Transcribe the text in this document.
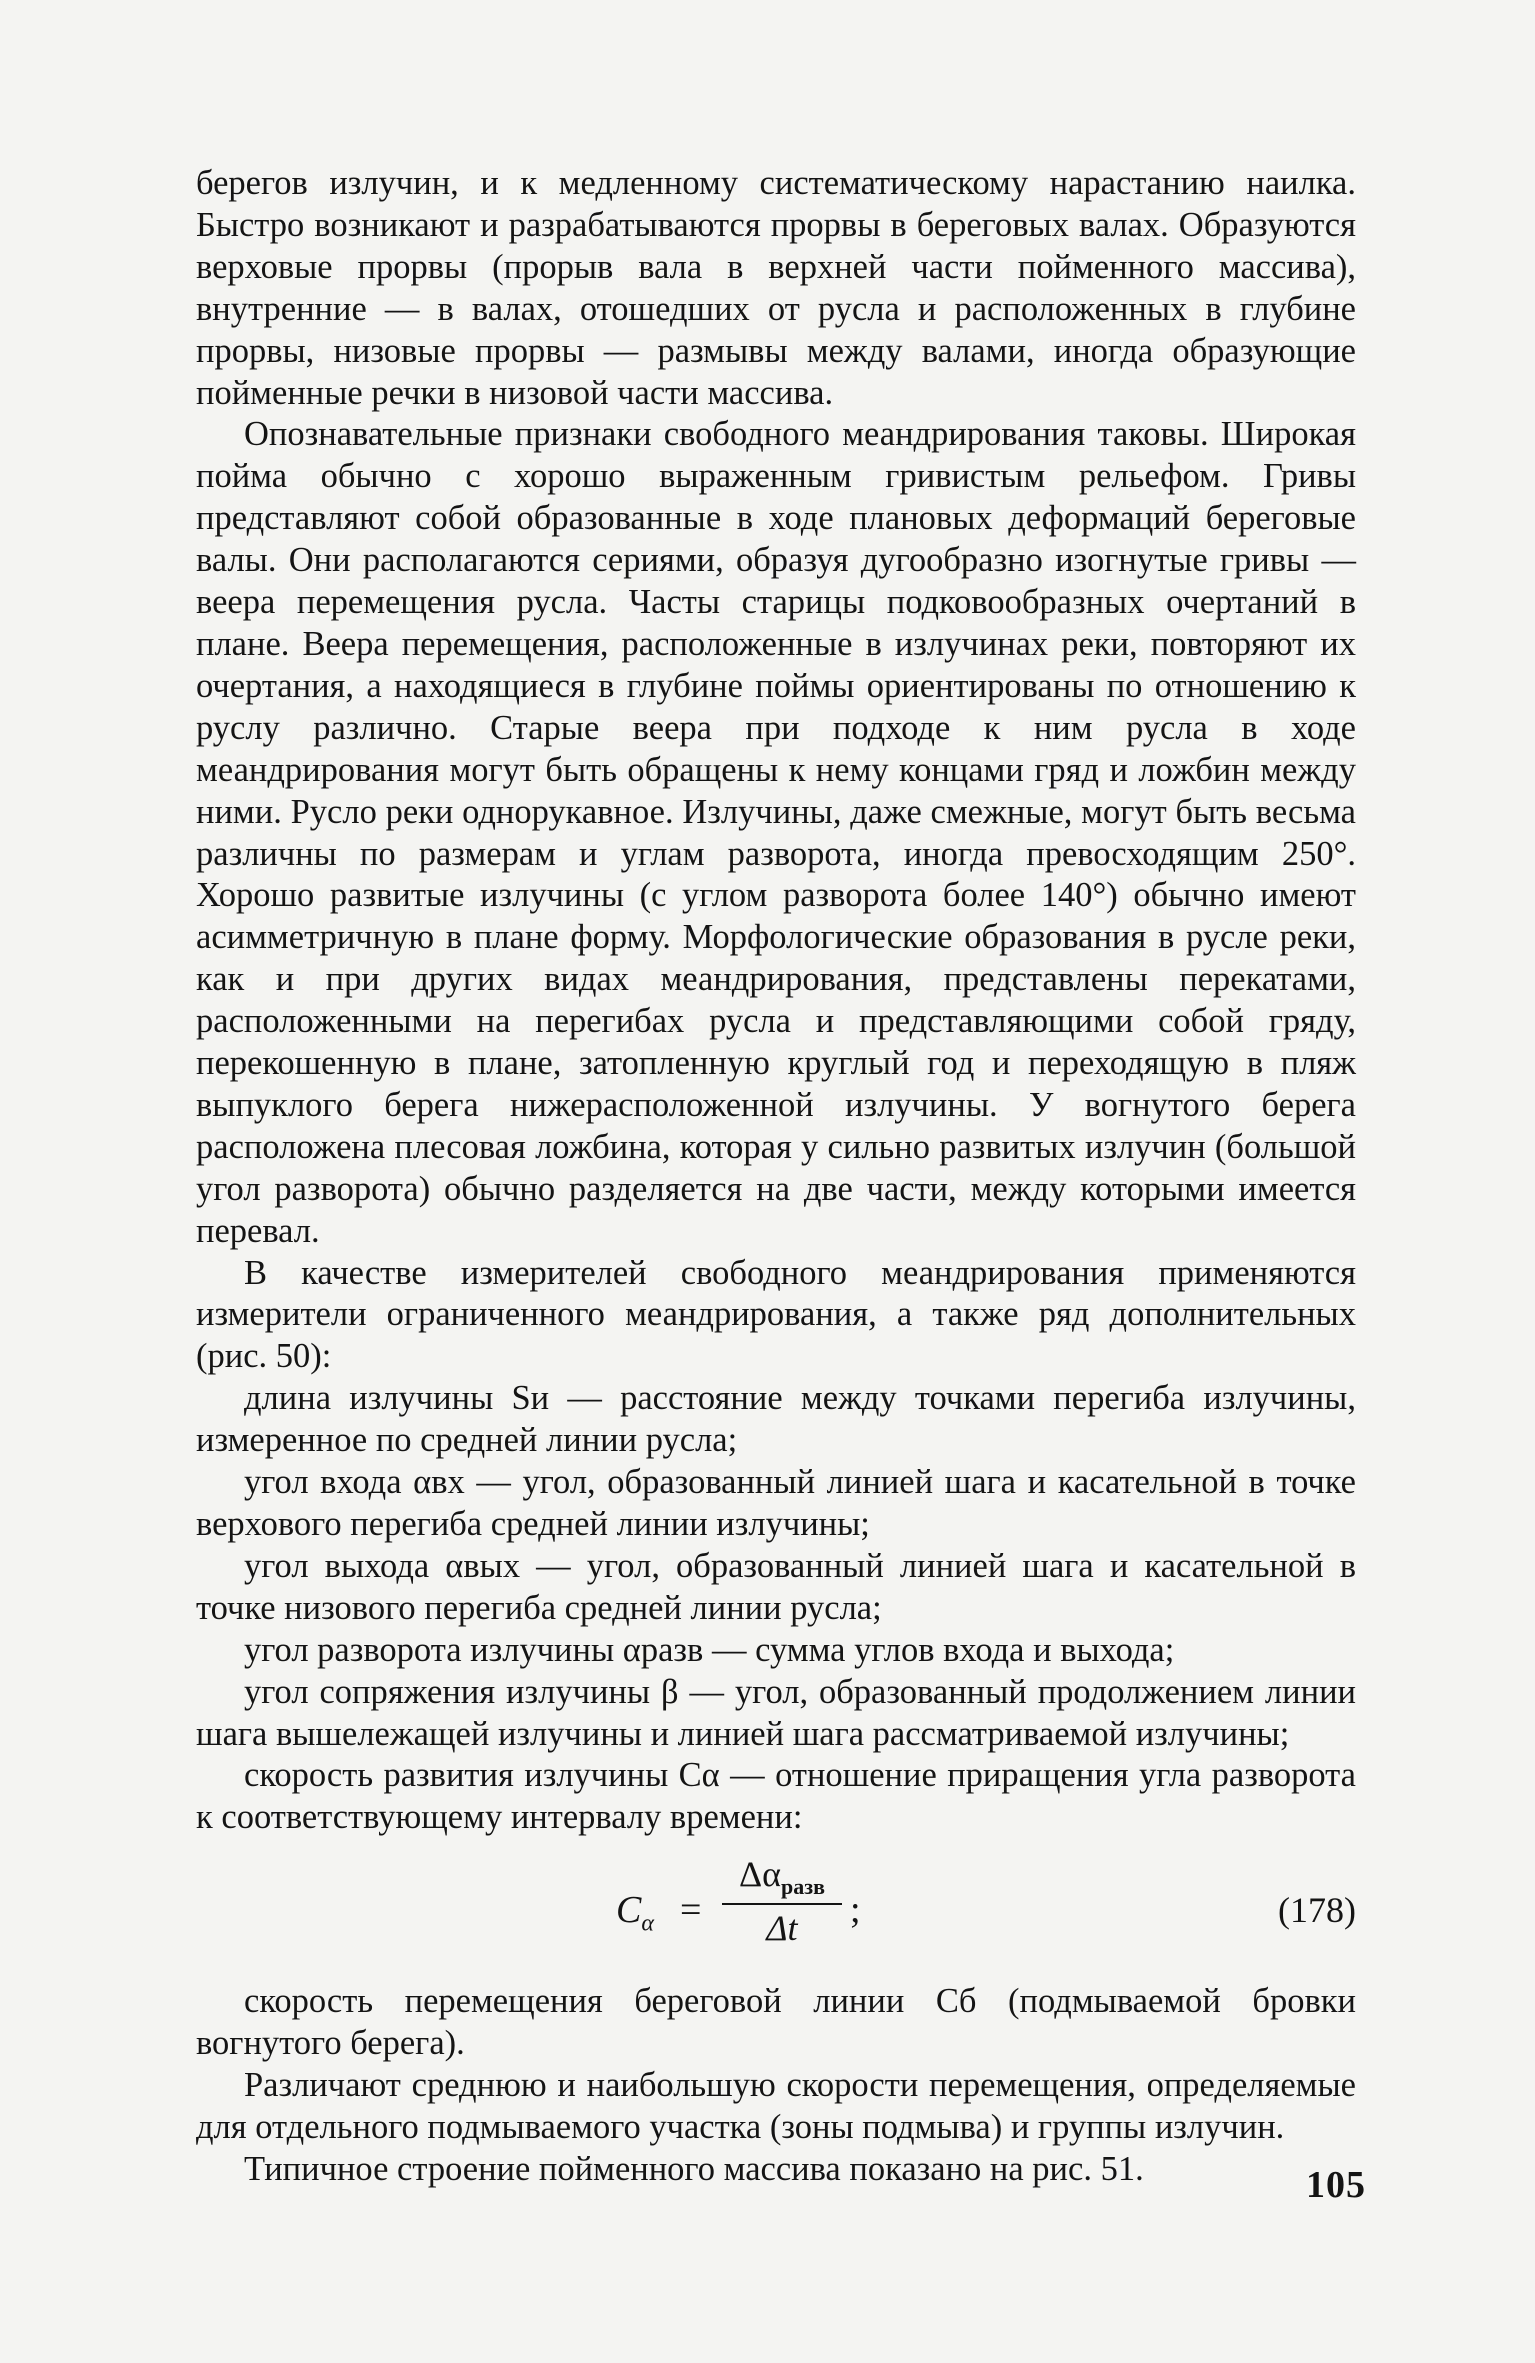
берегов излучин, и к медленному систематическому нарастанию наилка. Быстро возникают и разрабатываются прорвы в береговых валах. Образуются верховые прорвы (прорыв вала в верхней части пойменного массива), внутренние — в валах, отошедших от русла и расположенных в глубине прорвы, низовые прорвы — размывы между валами, иногда образующие пойменные речки в низовой части массива.

Опознавательные признаки свободного меандрирования таковы. Широкая пойма обычно с хорошо выраженным гривистым рельефом. Гривы представляют собой образованные в ходе плановых деформаций береговые валы. Они располагаются сериями, образуя дугообразно изогнутые гривы — веера перемещения русла. Часты старицы подковообразных очертаний в плане. Веера перемещения, расположенные в излучинах реки, повторяют их очертания, а находящиеся в глубине поймы ориентированы по отношению к руслу различно. Старые веера при подходе к ним русла в ходе меандрирования могут быть обращены к нему концами гряд и ложбин между ними. Русло реки однорукавное. Излучины, даже смежные, могут быть весьма различны по размерам и углам разворота, иногда превосходящим 250°. Хорошо развитые излучины (с углом разворота более 140°) обычно имеют асимметричную в плане форму. Морфологические образования в русле реки, как и при других видах меандрирования, представлены перекатами, расположенными на перегибах русла и представляющими собой гряду, перекошенную в плане, затопленную круглый год и переходящую в пляж выпуклого берега нижерасположенной излучины. У вогнутого берега расположена плесовая ложбина, которая у сильно развитых излучин (большой угол разворота) обычно разделяется на две части, между которыми имеется перевал.

В качестве измерителей свободного меандрирования применяются измерители ограниченного меандрирования, а также ряд дополнительных (рис. 50):

длина излучины Sи — расстояние между точками перегиба излучины, измеренное по средней линии русла;

угол входа αвх — угол, образованный линией шага и касательной в точке верхового перегиба средней линии излучины;

угол выхода αвых — угол, образованный линией шага и касательной в точке низового перегиба средней линии русла;

угол разворота излучины αразв — сумма углов входа и выхода;

угол сопряжения излучины β — угол, образованный продолжением линии шага вышележащей излучины и линией шага рассматриваемой излучины;

скорость развития излучины Cα — отношение приращения угла разворота к соответствующему интервалу времени:

$C_\alpha$ =
$\Delta\alpha_{разв}$
Δt	;	(178)

скорость перемещения береговой линии Cб (подмываемой бровки вогнутого берега).

Различают среднюю и наибольшую скорости перемещения, определяемые для отдельного подмываемого участка (зоны подмыва) и группы излучин.

Типичное строение пойменного массива показано на рис. 51.	105
